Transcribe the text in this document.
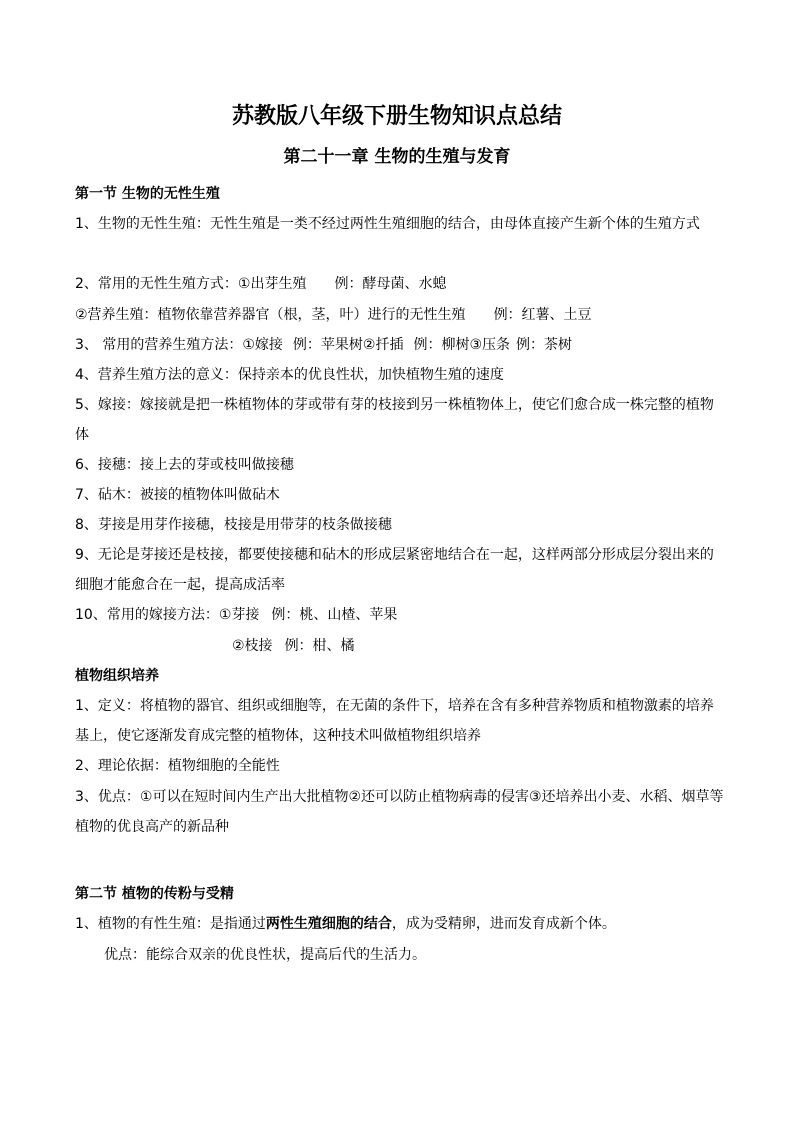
苏教版八年级下册生物知识点总结
第二十一章 生物的生殖与发育
第一节 生物的无性生殖
1、生物的无性生殖：无性生殖是一类不经过两性生殖细胞的结合，由母体直接产生新个体的生殖方式
2、常用的无性生殖方式：①出芽生殖 例：酵母菌、水螅
②营养生殖：植物依靠营养器官（根，茎，叶）进行的无性生殖 例：红薯、土豆
3、 常用的营养生殖方法：①嫁接 例：苹果树②扦插 例：柳树③压条 例：茶树
4、营养生殖方法的意义：保持亲本的优良性状，加快植物生殖的速度
5、嫁接：嫁接就是把一株植物体的芽或带有芽的枝接到另一株植物体上，使它们愈合成一株完整的植物体
6、接穗：接上去的芽或枝叫做接穗
7、砧木：被接的植物体叫做砧木
8、芽接是用芽作接穗，枝接是用带芽的枝条做接穗
9、无论是芽接还是枝接，都要使接穗和砧木的形成层紧密地结合在一起，这样两部分形成层分裂出来的细胞才能愈合在一起，提高成活率
10、常用的嫁接方法：①芽接 例：桃、山楂、苹果
②枝接 例：柑、橘
植物组织培养
1、定义：将植物的器官、组织或细胞等，在无菌的条件下，培养在含有多种营养物质和植物激素的培养基上，使它逐渐发育成完整的植物体，这种技术叫做植物组织培养
2、理论依据：植物细胞的全能性
3、优点：①可以在短时间内生产出大批植物②还可以防止植物病毒的侵害③还培养出小麦、水稻、烟草等植物的优良高产的新品种
第二节 植物的传粉与受精
1、植物的有性生殖：是指通过两性生殖细胞的结合，成为受精卵，进而发育成新个体。
优点：能综合双亲的优良性状，提高后代的生活力。
